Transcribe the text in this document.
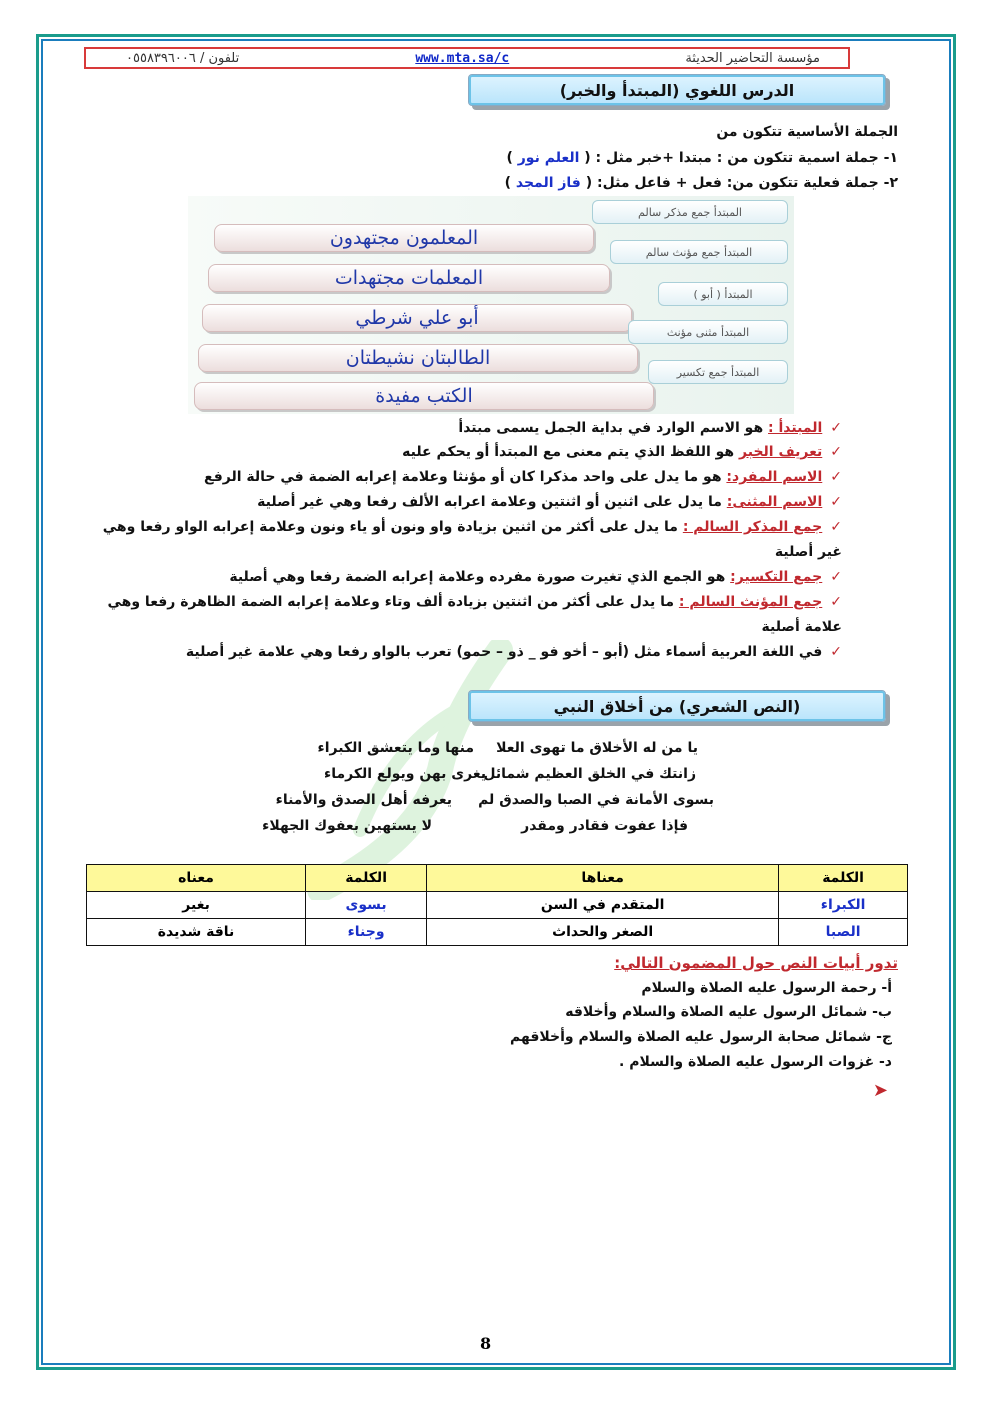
تلفون / ٠٥٥٨٣٩٦٠٠٦	www.mta.sa/c	مؤسسة التحاضير الحديثة
الدرس اللغوي (المبتدأ والخبر)
الجملة الأساسية تتكون من
١- جملة اسمية تتكون من : مبتدا +خبر مثل : ( العلم نور )
٢- جملة فعلية تتكون من: فعل + فاعل مثل: ( فاز المجد )
المبتدأ جمع مذكر سالم
المعلمون مجتهدون
المبتدأ جمع مؤنث سالم
المعلمات مجتهدات
المبتدأ ( أبو )
أبو علي شرطي
المبتدأ مثنى مؤنث
الطالبتان نشيطتان
المبتدأ جمع تكسير
الكتب مفيدة
✓المبتدأ : هو الاسم الوارد في بداية الجمل يسمى مبتدأ
✓تعريف الخبر هو اللفظ الذي يتم معنى مع المبتدأ أو يحكم عليه
✓الاسم المفرد: هو ما يدل على واحد مذكرا كان أو مؤنثا وعلامة إعرابه الضمة في حالة الرفع
✓الاسم المثنى: ما يدل على اثنين أو اثنتين وعلامة اعرابه الألف رفعا وهي غير أصلية
✓جمع المذكر السالم : ما يدل على أكثر من اثنين بزيادة واو ونون أو ياء ونون وعلامة إعرابه الواو رفعا وهي
غير أصلية
✓جمع التكسير: هو الجمع الذي تغيرت صورة مفرده وعلامة إعرابه الضمة رفعا وهي أصلية
✓جمع المؤنث السالم : ما يدل على أكثر من اثنتين بزيادة ألف وتاء وعلامة إعرابه الضمة الظاهرة رفعا وهي
علامة أصلية
✓في اللغة العربية أسماء مثل (أبو – أخو فو _ ذو – حمو) تعرب بالواو رفعا وهي علامة غير أصلية
(النص الشعري) من أخلاق النبي
يا من له الأخلاق ما تهوى العلا
منها وما يتعشق الكبراء
زانتك في الخلق العظيم شمائل
يغرى بهن ويولع الكرماء
بسوى الأمانة في الصبا والصدق لم
يعرفه أهل الصدق والأمناء
فإذا عفوت فقادر ومقدر
لا يستهين بعفوك الجهلاء
الكلمة	معناها	الكلمة	معناه
الكبراء	المتقدم في السن	بسوى	بغير
الصبا	الصغر والحداث	وجناء	ناقة شديدة
تدور أبيات النص حول المضمون التالي:
أ- رحمة الرسول عليه الصلاة والسلام
ب- شمائل الرسول عليه الصلاة والسلام وأخلاقه
ج- شمائل صحابة الرسول عليه الصلاة والسلام وأخلاقهم
د- غزوات الرسول عليه الصلاة والسلام .
➤
8
